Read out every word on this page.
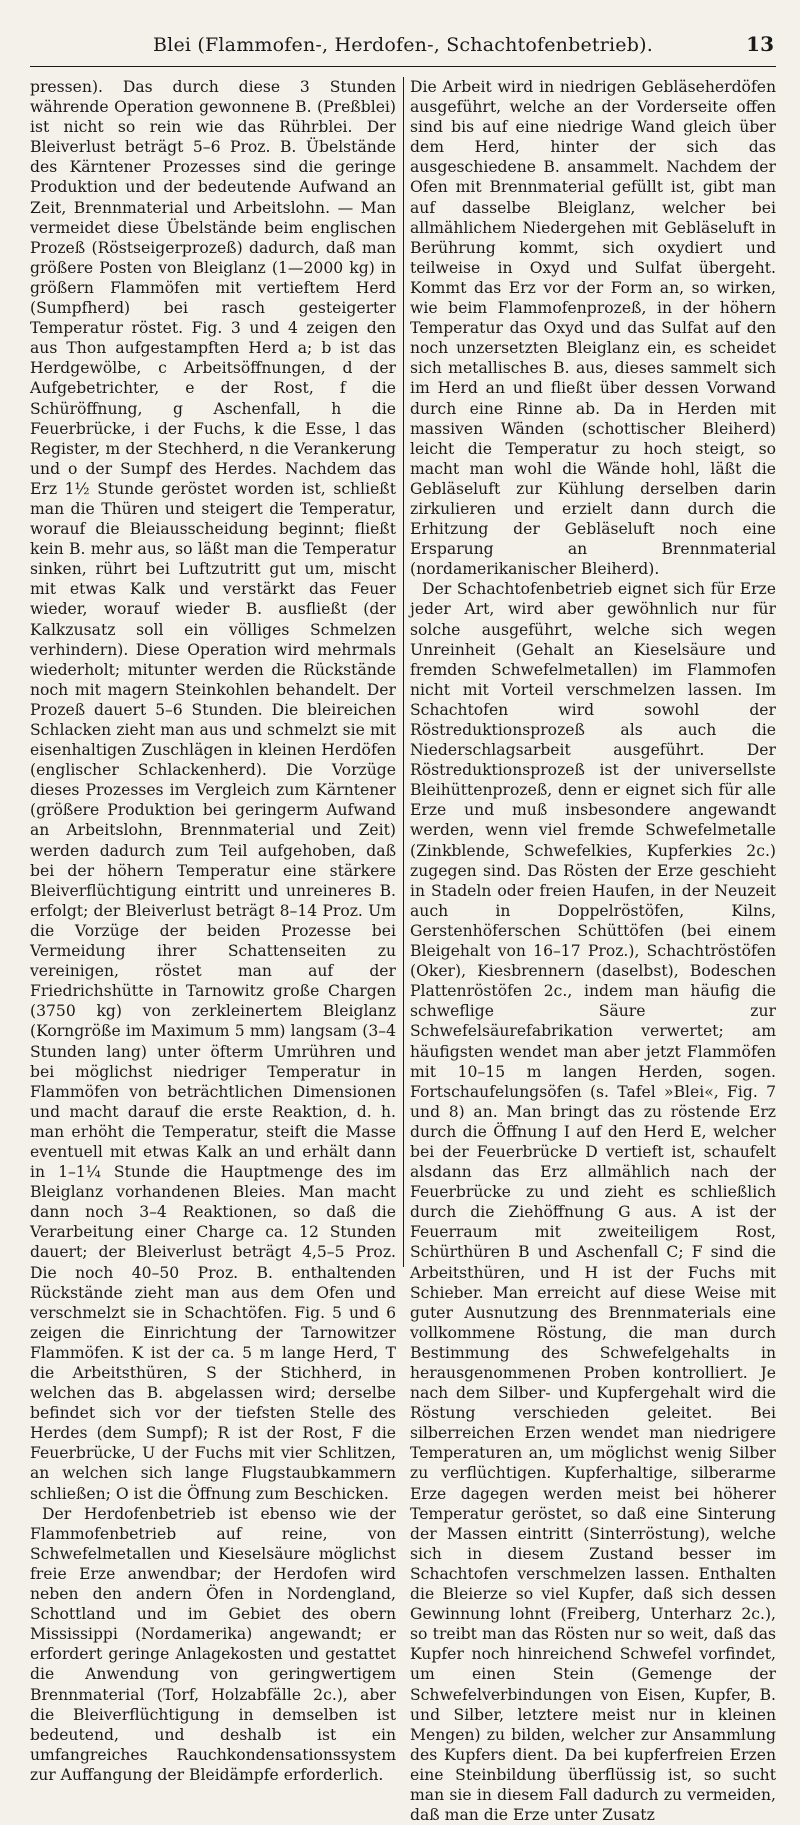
Blei (Flammofen-, Herdofen-, Schachtofenbetrieb).	13

pressen). Das durch diese 3 Stunden währende Operation gewonnene B. (Preßblei) ist nicht so rein wie das Rührblei. Der Bleiverlust beträgt 5–6 Proz. B. Übelstände des Kärntener Prozesses sind die geringe Produktion und der bedeutende Aufwand an Zeit, Brennmaterial und Arbeitslohn. — Man vermeidet diese Übelstände beim englischen Prozeß (Röstseigerprozeß) dadurch, daß man größere Posten von Bleiglanz (1—2000 kg) in größern Flammöfen mit vertieftem Herd (Sumpfherd) bei rasch gesteigerter Temperatur röstet. Fig. 3 und 4 zeigen den aus Thon aufgestampften Herd a; b ist das Herdgewölbe, c Arbeitsöffnungen, d der Aufgebetrichter, e der Rost, f die Schüröffnung, g Aschenfall, h die Feuerbrücke, i der Fuchs, k die Esse, l das Register, m der Stechherd, n die Verankerung und o der Sumpf des Herdes. Nachdem das Erz 1½ Stunde geröstet worden ist, schließt man die Thüren und steigert die Temperatur, worauf die Bleiausscheidung beginnt; fließt kein B. mehr aus, so läßt man die Temperatur sinken, rührt bei Luftzutritt gut um, mischt mit etwas Kalk und verstärkt das Feuer wieder, worauf wieder B. ausfließt (der Kalkzusatz soll ein völliges Schmelzen verhindern). Diese Operation wird mehrmals wiederholt; mitunter werden die Rückstände noch mit magern Steinkohlen behandelt. Der Prozeß dauert 5–6 Stunden. Die bleireichen Schlacken zieht man aus und schmelzt sie mit eisenhaltigen Zuschlägen in kleinen Herdöfen (englischer Schlackenherd). Die Vorzüge dieses Prozesses im Vergleich zum Kärntener (größere Produktion bei geringerm Aufwand an Arbeitslohn, Brennmaterial und Zeit) werden dadurch zum Teil aufgehoben, daß bei der höhern Temperatur eine stärkere Bleiverflüchtigung eintritt und unreineres B. erfolgt; der Bleiverlust beträgt 8–14 Proz. Um die Vorzüge der beiden Prozesse bei Vermeidung ihrer Schattenseiten zu vereinigen, röstet man auf der Friedrichshütte in Tarnowitz große Chargen (3750 kg) von zerkleinertem Bleiglanz (Korngröße im Maximum 5 mm) langsam (3–4 Stunden lang) unter öfterm Umrühren und bei möglichst niedriger Temperatur in Flammöfen von beträchtlichen Dimensionen und macht darauf die erste Reaktion, d. h. man erhöht die Temperatur, steift die Masse eventuell mit etwas Kalk an und erhält dann in 1–1¼ Stunde die Hauptmenge des im Bleiglanz vorhandenen Bleies. Man macht dann noch 3–4 Reaktionen, so daß die Verarbeitung einer Charge ca. 12 Stunden dauert; der Bleiverlust beträgt 4,5–5 Proz. Die noch 40–50 Proz. B. enthaltenden Rückstände zieht man aus dem Ofen und verschmelzt sie in Schachtöfen. Fig. 5 und 6 zeigen die Einrichtung der Tarnowitzer Flammöfen. K ist der ca. 5 m lange Herd, T die Arbeitsthüren, S der Stichherd, in welchen das B. abgelassen wird; derselbe befindet sich vor der tiefsten Stelle des Herdes (dem Sumpf); R ist der Rost, F die Feuerbrücke, U der Fuchs mit vier Schlitzen, an welchen sich lange Flugstaubkammern schließen; O ist die Öffnung zum Beschicken.

Der Herdofenbetrieb ist ebenso wie der Flammofenbetrieb auf reine, von Schwefelmetallen und Kieselsäure möglichst freie Erze anwendbar; der Herdofen wird neben den andern Öfen in Nordengland, Schottland und im Gebiet des obern Mississippi (Nordamerika) angewandt; er erfordert geringe Anlagekosten und gestattet die Anwendung von geringwertigem Brennmaterial (Torf, Holzabfälle 2c.), aber die Bleiverflüchtigung in demselben ist bedeutend, und deshalb ist ein umfangreiches Rauchkondensationssystem zur Auffangung der Bleidämpfe erforderlich.

Die Arbeit wird in niedrigen Gebläseherdöfen ausgeführt, welche an der Vorderseite offen sind bis auf eine niedrige Wand gleich über dem Herd, hinter der sich das ausgeschiedene B. ansammelt. Nachdem der Ofen mit Brennmaterial gefüllt ist, gibt man auf dasselbe Bleiglanz, welcher bei allmählichem Niedergehen mit Gebläseluft in Berührung kommt, sich oxydiert und teilweise in Oxyd und Sulfat übergeht. Kommt das Erz vor der Form an, so wirken, wie beim Flammofenprozeß, in der höhern Temperatur das Oxyd und das Sulfat auf den noch unzersetzten Bleiglanz ein, es scheidet sich metallisches B. aus, dieses sammelt sich im Herd an und fließt über dessen Vorwand durch eine Rinne ab. Da in Herden mit massiven Wänden (schottischer Bleiherd) leicht die Temperatur zu hoch steigt, so macht man wohl die Wände hohl, läßt die Gebläseluft zur Kühlung derselben darin zirkulieren und erzielt dann durch die Erhitzung der Gebläseluft noch eine Ersparung an Brennmaterial (nordamerikanischer Bleiherd).

Der Schachtofenbetrieb eignet sich für Erze jeder Art, wird aber gewöhnlich nur für solche ausgeführt, welche sich wegen Unreinheit (Gehalt an Kieselsäure und fremden Schwefelmetallen) im Flammofen nicht mit Vorteil verschmelzen lassen. Im Schachtofen wird sowohl der Röstreduktionsprozeß als auch die Niederschlagsarbeit ausgeführt. Der Röstreduktionsprozeß ist der universellste Bleihüttenprozeß, denn er eignet sich für alle Erze und muß insbesondere angewandt werden, wenn viel fremde Schwefelmetalle (Zinkblende, Schwefelkies, Kupferkies 2c.) zugegen sind. Das Rösten der Erze geschieht in Stadeln oder freien Haufen, in der Neuzeit auch in Doppelröstöfen, Kilns, Gerstenhöferschen Schüttöfen (bei einem Bleigehalt von 16–17 Proz.), Schachtröstöfen (Oker), Kiesbrennern (daselbst), Bodeschen Plattenröstöfen 2c., indem man häufig die schweflige Säure zur Schwefelsäurefabrikation verwertet; am häufigsten wendet man aber jetzt Flammöfen mit 10–15 m langen Herden, sogen. Fortschaufelungsöfen (s. Tafel »Blei«, Fig. 7 und 8) an. Man bringt das zu röstende Erz durch die Öffnung I auf den Herd E, welcher bei der Feuerbrücke D vertieft ist, schaufelt alsdann das Erz allmählich nach der Feuerbrücke zu und zieht es schließlich durch die Ziehöffnung G aus. A ist der Feuerraum mit zweiteiligem Rost, Schürthüren B und Aschenfall C; F sind die Arbeitsthüren, und H ist der Fuchs mit Schieber. Man erreicht auf diese Weise mit guter Ausnutzung des Brennmaterials eine vollkommene Röstung, die man durch Bestimmung des Schwefelgehalts in herausgenommenen Proben kontrolliert. Je nach dem Silber- und Kupfergehalt wird die Röstung verschieden geleitet. Bei silberreichen Erzen wendet man niedrigere Temperaturen an, um möglichst wenig Silber zu verflüchtigen. Kupferhaltige, silberarme Erze dagegen werden meist bei höherer Temperatur geröstet, so daß eine Sinterung der Massen eintritt (Sinterröstung), welche sich in diesem Zustand besser im Schachtofen verschmelzen lassen. Enthalten die Bleierze so viel Kupfer, daß sich dessen Gewinnung lohnt (Freiberg, Unterharz 2c.), so treibt man das Rösten nur so weit, daß das Kupfer noch hinreichend Schwefel vorfindet, um einen Stein (Gemenge der Schwefelverbindungen von Eisen, Kupfer, B. und Silber, letztere meist nur in kleinen Mengen) zu bilden, welcher zur Ansammlung des Kupfers dient. Da bei kupferfreien Erzen eine Steinbildung überflüssig ist, so sucht man sie in diesem Fall dadurch zu vermeiden, daß man die Erze unter Zusatz
